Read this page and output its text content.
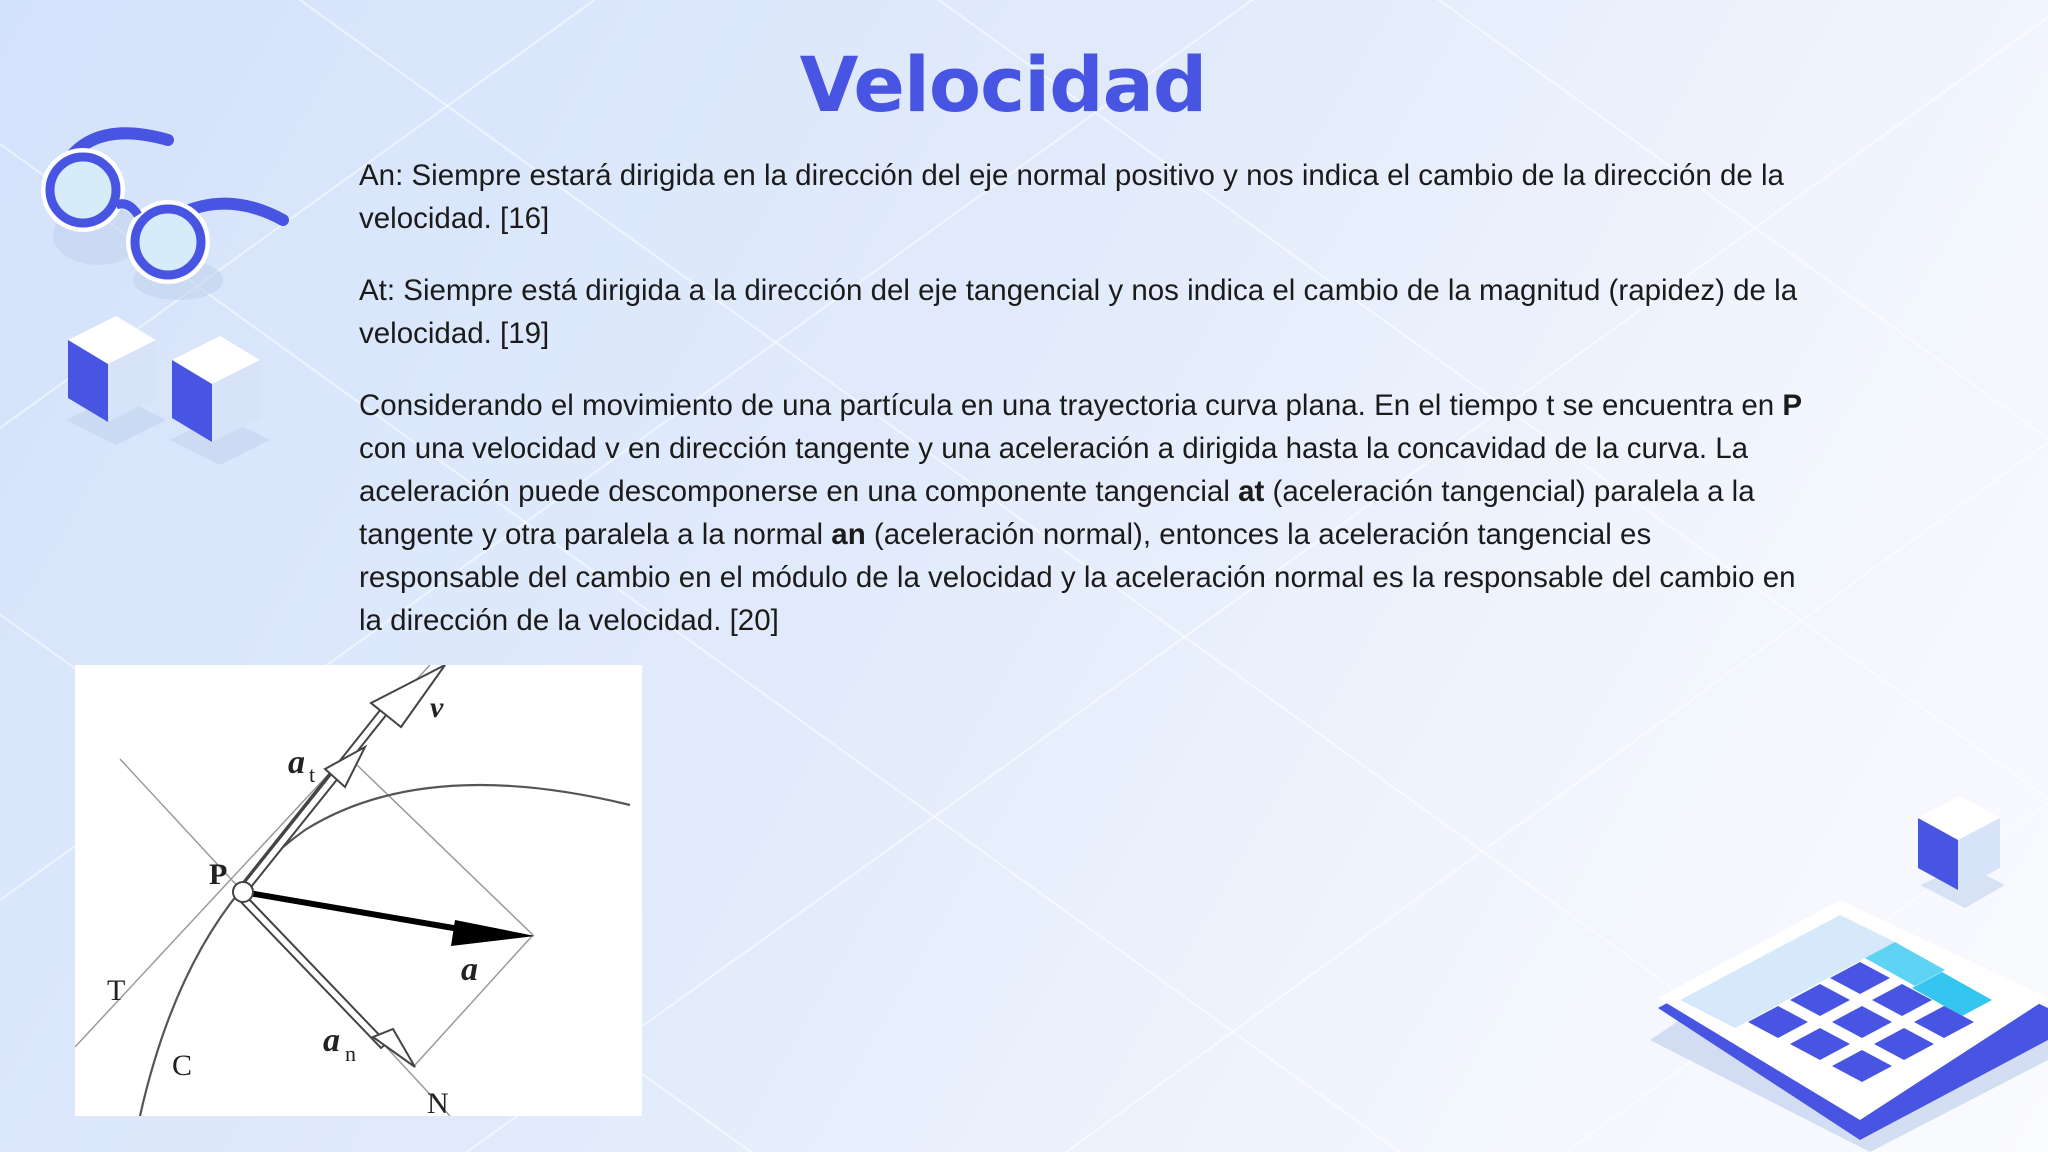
Velocidad

An: Siempre estará dirigida en la dirección del eje normal positivo y nos indica el cambio de la dirección de la velocidad. [16]

At: Siempre está dirigida a la dirección del eje tangencial y nos indica el cambio de la magnitud (rapidez) de la velocidad. [19]

Considerando el movimiento de una partícula en una trayectoria curva plana. En el tiempo t se encuentra en P con una velocidad v en dirección tangente y una aceleración a dirigida hasta la concavidad de la curva. La aceleración puede descomponerse en una componente tangencial at (aceleración tangencial) paralela a la tangente y otra paralela a la normal an (aceleración normal), entonces la aceleración tangencial es responsable del cambio en el módulo de la velocidad y la aceleración normal es la responsable del cambio en la dirección de la velocidad. [20]

v
a t
P
a
T
a n
C
N
